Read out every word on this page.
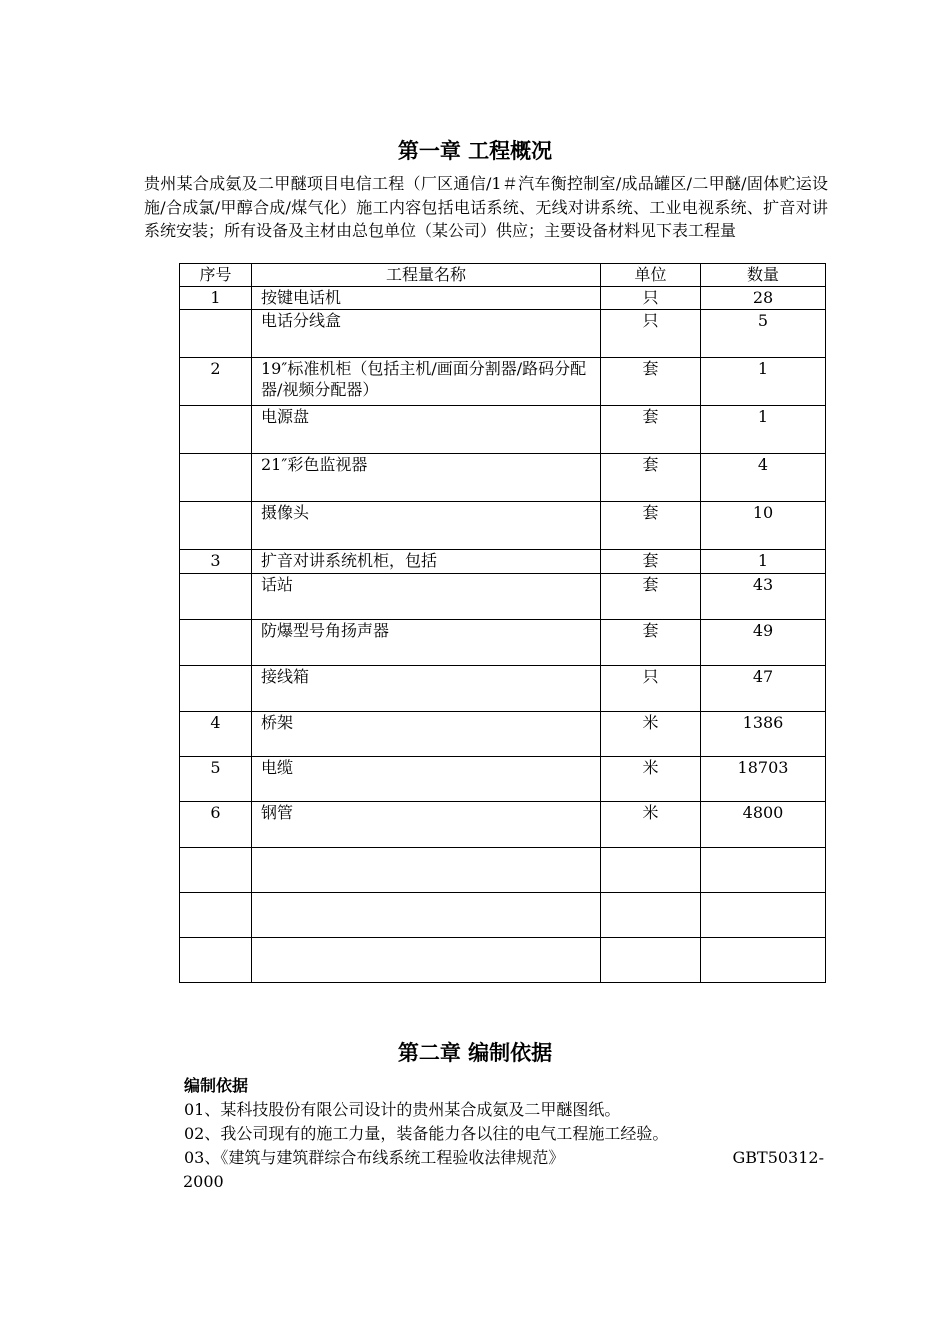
第一章 工程概况
贵州某合成氨及二甲醚项目电信工程（厂区通信/1＃汽车衡控制室/成品罐区/二甲醚/固体贮运设施/合成氯/甲醇合成/煤气化）施工内容包括电话系统、无线对讲系统、工业电视系统、扩音对讲系统安装；所有设备及主材由总包单位（某公司）供应；主要设备材料见下表工程量
序号	工程量名称	单位	数量
1	按键电话机	只	28
	电话分线盒	只	5
2	19″标准机柜（包括主机/画面分割器/路码分配器/视频分配器）	套	1
	电源盘	套	1
	21″彩色监视器	套	4
	摄像头	套	10
3	扩音对讲系统机柜，包括	套	1
	话站	套	43
	防爆型号角扬声器	套	49
	接线箱	只	47
4	桥架	米	1386
5	电缆	米	18703
6	钢管	米	4800

第二章 编制依据
编制依据
01、某科技股份有限公司设计的贵州某合成氨及二甲醚图纸。
02、我公司现有的施工力量，装备能力各以往的电气工程施工经验。
03、《建筑与建筑群综合布线系统工程验收法律规范》	GBT50312-
2000
